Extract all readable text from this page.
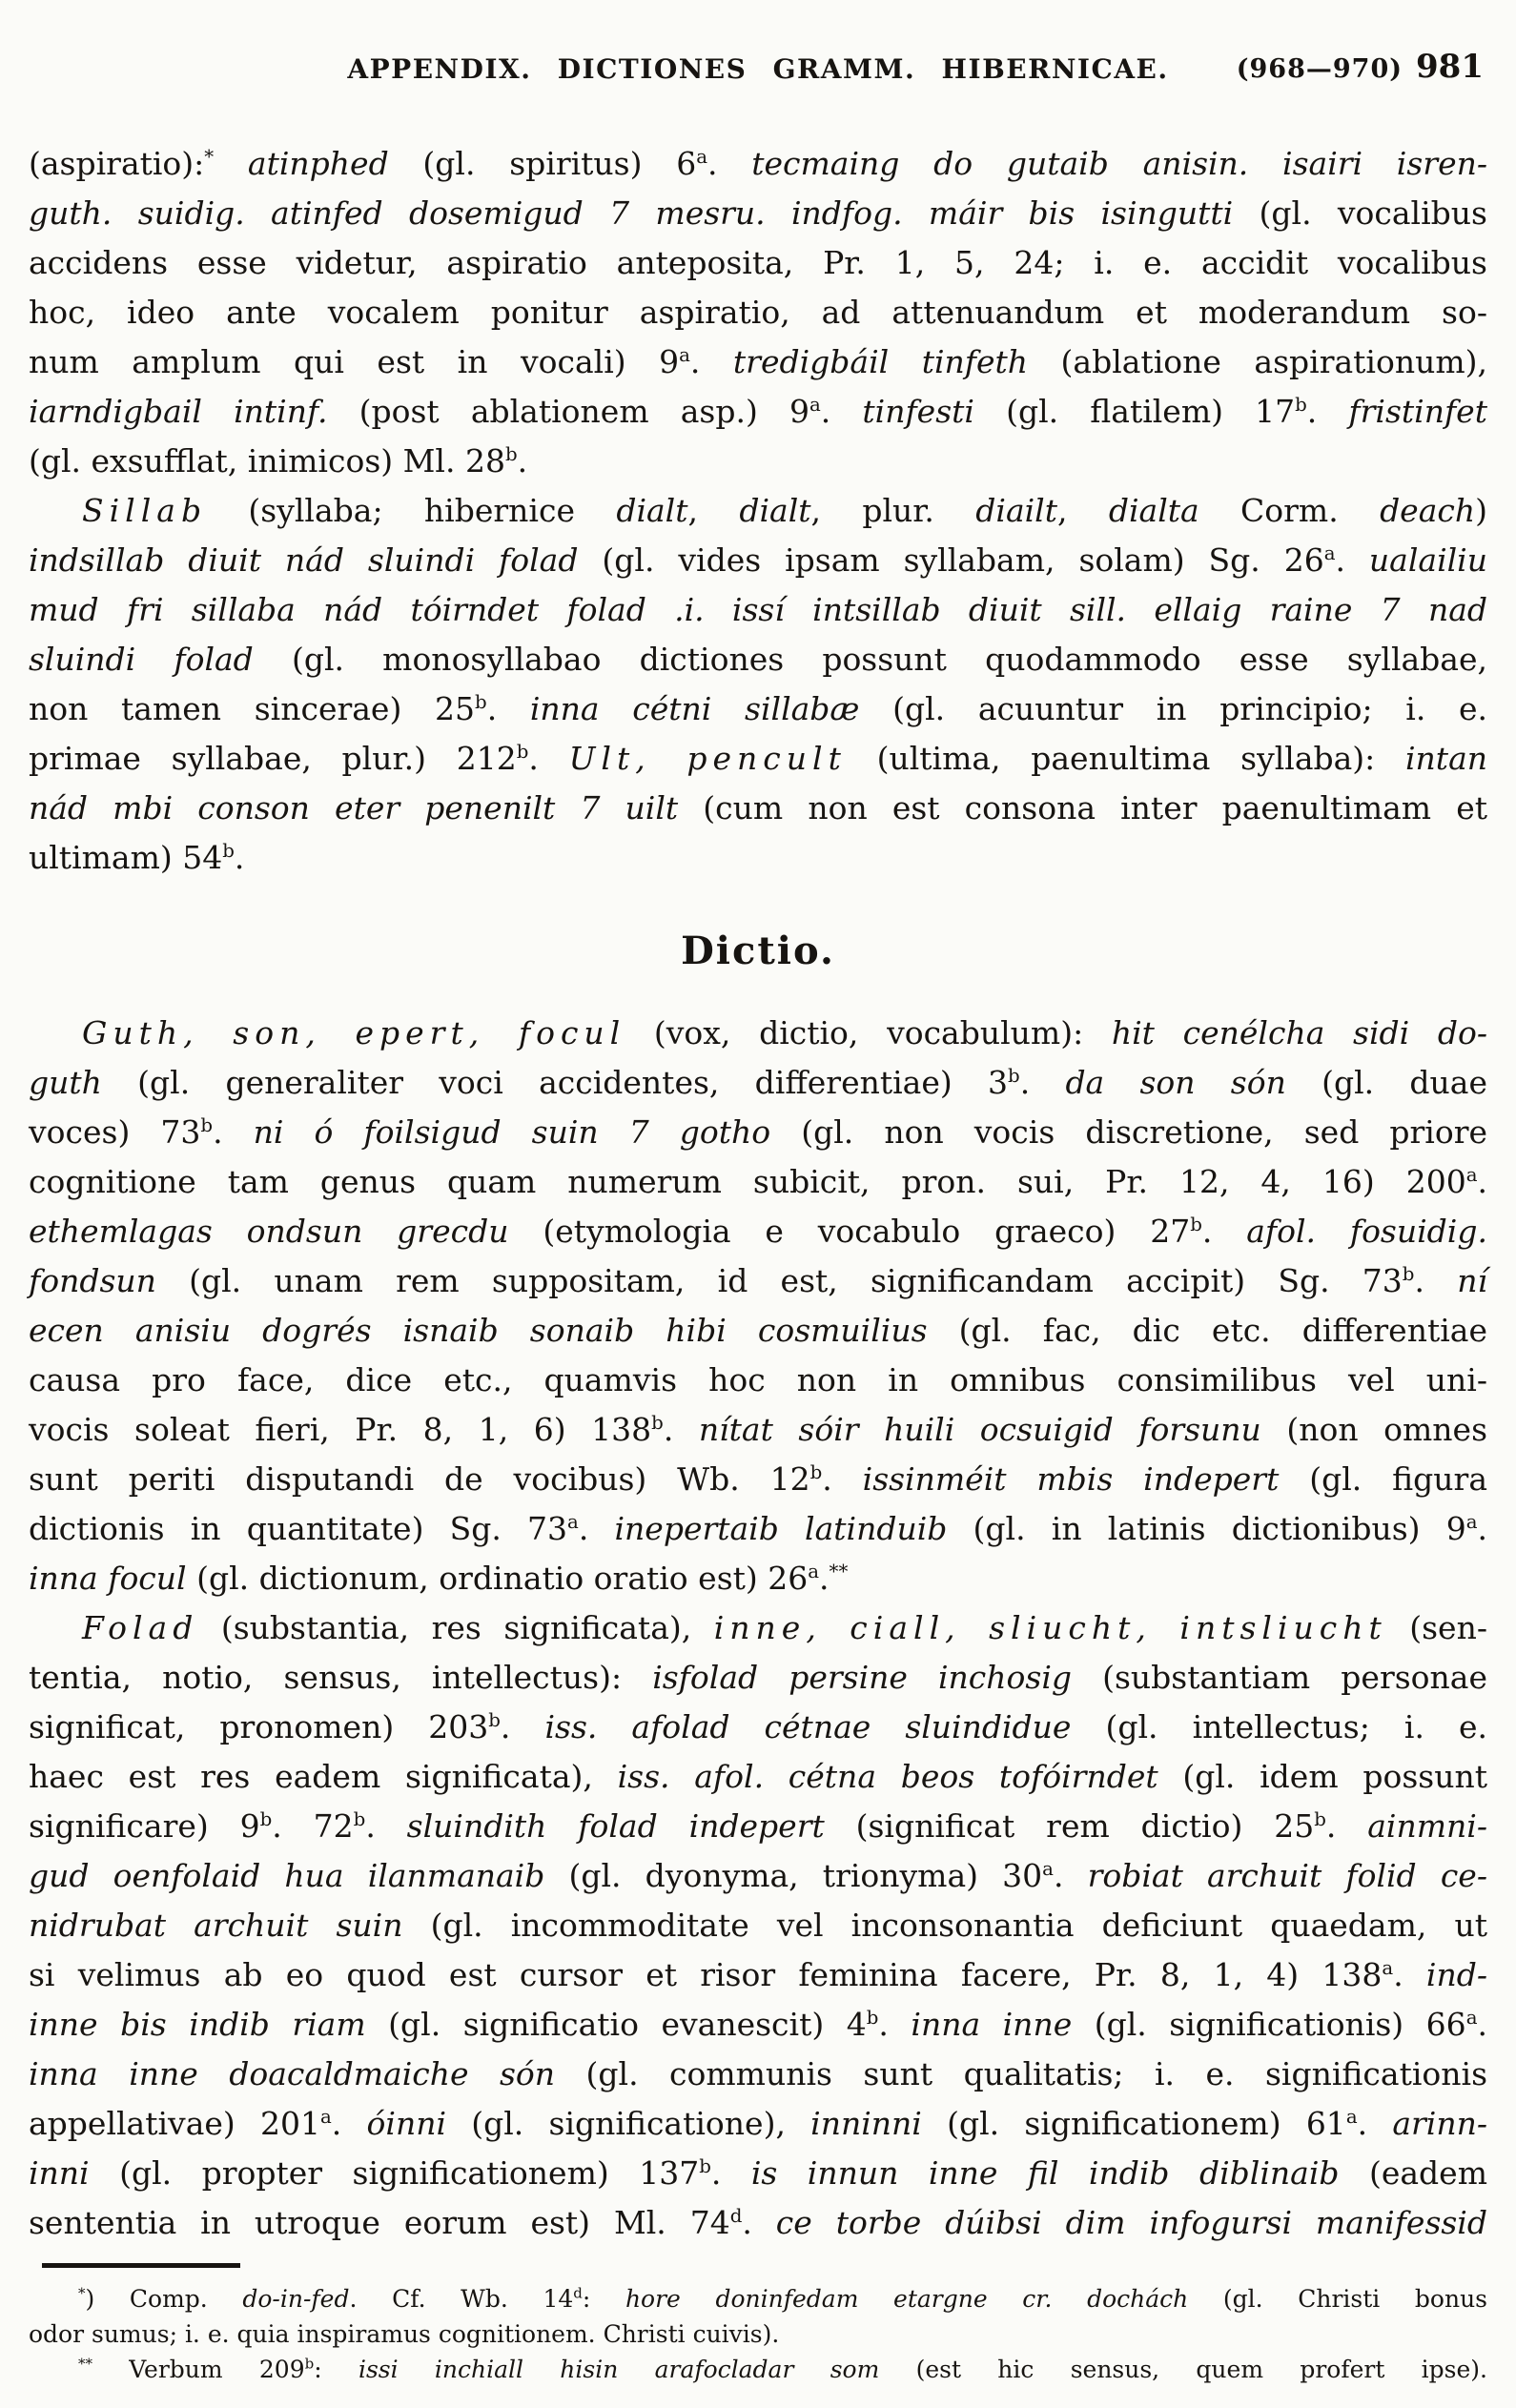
APPENDIX. DICTIONES GRAMM. HIBERNICAE.	(968—970) 981
(aspiratio):* atinphed (gl. spiritus) 6$^a$. tecmaing do gutaib anisin. isairi isren-
guth. suidig. atinfed dosemigud 7 mesru. indfog. máir bis isingutti (gl. vocalibus
accidens esse videtur, aspiratio anteposita, Pr. 1, 5, 24; i. e. accidit vocalibus
hoc, ideo ante vocalem ponitur aspiratio, ad attenuandum et moderandum so-
num amplum qui est in vocali) 9$^a$. tredigbáil tinfeth (ablatione aspirationum),
iarndigbail intinf. (post ablationem asp.) 9$^a$. tinfesti (gl. flatilem) 17$^b$. fristinfet
(gl. exsufflat, inimicos) Ml. 28$^b$.
Sillab (syllaba; hibernice dialt, dialt, plur. diailt, dialta Corm. deach)
indsillab diuit nád sluindi folad (gl. vides ipsam syllabam, solam) Sg. 26$^a$. ualailiu
mud fri sillaba nád tóirndet folad .i. issí intsillab diuit sill. ellaig raine 7 nad
sluindi folad (gl. monosyllabao dictiones possunt quodammodo esse syllabae,
non tamen sincerae) 25$^b$. inna cétni sillabæ (gl. acuuntur in principio; i. e.
primae syllabae, plur.) 212$^b$. Ult, pencult (ultima, paenultima syllaba): intan
nád mbi conson eter penenilt 7 uilt (cum non est consona inter paenultimam et
ultimam) 54$^b$.
Dictio.
Guth, son, epert, focul (vox, dictio, vocabulum): hit cenélcha sidi do-
guth (gl. generaliter voci accidentes, differentiae) 3$^b$. da son són (gl. duae
voces) 73$^b$. ni ó foilsigud suin 7 gotho (gl. non vocis discretione, sed priore
cognitione tam genus quam numerum subicit, pron. sui, Pr. 12, 4, 16) 200$^a$.
ethemlagas ondsun grecdu (etymologia e vocabulo graeco) 27$^b$. afol. fosuidig.
fondsun (gl. unam rem suppositam, id est, significandam accipit) Sg. 73$^b$. ní
ecen anisiu dogrés isnaib sonaib hibi cosmuilius (gl. fac, dic etc. differentiae
causa pro face, dice etc., quamvis hoc non in omnibus consimilibus vel uni-
vocis soleat fieri, Pr. 8, 1, 6) 138$^b$. nítat sóir huili ocsuigid forsunu (non omnes
sunt periti disputandi de vocibus) Wb. 12$^b$. issinméit mbis indepert (gl. figura
dictionis in quantitate) Sg. 73$^a$. inepertaib latinduib (gl. in latinis dictionibus) 9$^a$.
inna focul (gl. dictionum, ordinatio oratio est) 26$^a$.**
Folad (substantia, res significata), inne, ciall, sliucht, intsliucht (sen-
tentia, notio, sensus, intellectus): isfolad persine inchosig (substantiam personae
significat, pronomen) 203$^b$. iss. afolad cétnae sluindidue (gl. intellectus; i. e.
haec est res eadem significata), iss. afol. cétna beos tofóirndet (gl. idem possunt
significare) 9$^b$. 72$^b$. sluindith folad indepert (significat rem dictio) 25$^b$. ainmni-
gud oenfolaid hua ilanmanaib (gl. dyonyma, trionyma) 30$^a$. robiat archuit folid ce-
nidrubat archuit suin (gl. incommoditate vel inconsonantia deficiunt quaedam, ut
si velimus ab eo quod est cursor et risor feminina facere, Pr. 8, 1, 4) 138$^a$. ind-
inne bis indib riam (gl. significatio evanescit) 4$^b$. inna inne (gl. significationis) 66$^a$.
inna inne doacaldmaiche són (gl. communis sunt qualitatis; i. e. significationis
appellativae) 201$^a$. óinni (gl. significatione), inninni (gl. significationem) 61$^a$. arinn-
inni (gl. propter significationem) 137$^b$. is innun inne fil indib diblinaib (eadem
sententia in utroque eorum est) Ml. 74$^d$. ce torbe dúibsi dim infogursi manifessid
*) Comp. do-in-fed. Cf. Wb. 14$^d$: hore doninfedam etargne cr. dochách (gl. Christi bonus
odor sumus; i. e. quia inspiramus cognitionem. Christi cuivis).
** Verbum 209$^b$: issi inchiall hisin arafocladar som (est hic sensus, quem profert ipse).
